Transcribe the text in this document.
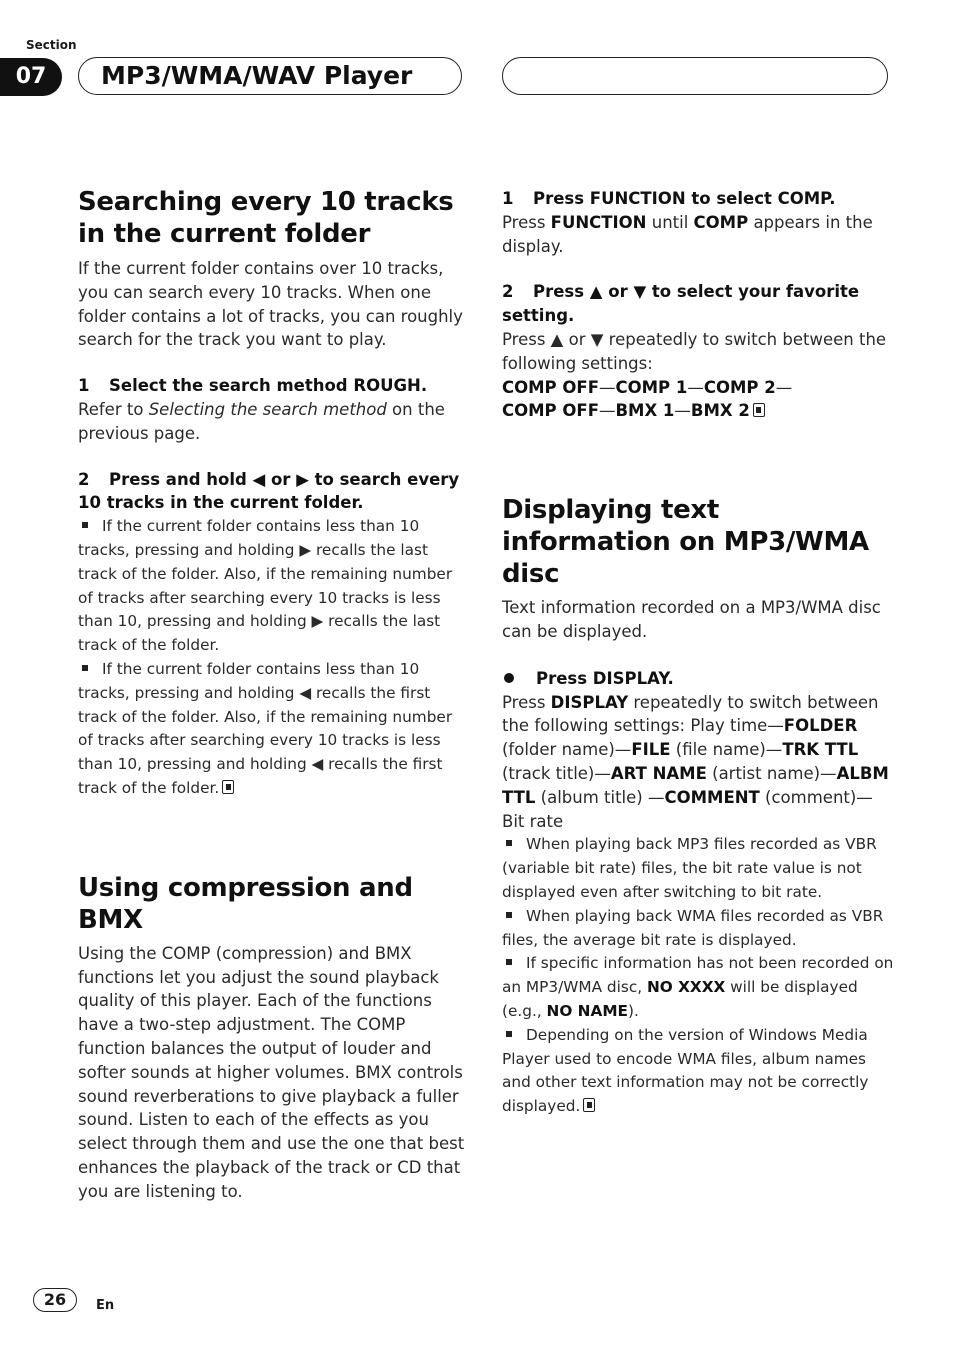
Section
07	MP3/WMA/WAV Player
Searching every 10 tracks in the current folder

If the current folder contains over 10 tracks, you can search every 10 tracks. When one folder contains a lot of tracks, you can roughly search for the track you want to play.

1 Select the search method ROUGH.

Refer to Selecting the search method on the previous page.

2 Press and hold ◀ or ▶ to search every 10 tracks in the current folder.

If the current folder contains less than 10 tracks, pressing and holding ▶ recalls the last track of the folder. Also, if the remaining number of tracks after searching every 10 tracks is less than 10, pressing and holding ▶ recalls the last track of the folder.

If the current folder contains less than 10 tracks, pressing and holding ◀ recalls the first track of the folder. Also, if the remaining number of tracks after searching every 10 tracks is less than 10, pressing and holding ◀ recalls the first track of the folder.

Using compression and BMX

Using the COMP (compression) and BMX functions let you adjust the sound playback quality of this player. Each of the functions have a two-step adjustment. The COMP function balances the output of louder and softer sounds at higher volumes. BMX controls sound reverberations to give playback a fuller sound. Listen to each of the effects as you select through them and use the one that best enhances the playback of the track or CD that you are listening to.

1 Press FUNCTION to select COMP.

Press FUNCTION until COMP appears in the display.

2 Press ▲ or ▼ to select your favorite setting.

Press ▲ or ▼ repeatedly to switch between the following settings:

COMP OFF—COMP 1—COMP 2—

COMP OFF—BMX 1—BMX 2

Displaying text information on MP3/WMA disc

Text information recorded on a MP3/WMA disc can be displayed.

Press DISPLAY.

Press DISPLAY repeatedly to switch between the following settings: Play time—FOLDER (folder name)—FILE (file name)—TRK TTL (track title)—ART NAME (artist name)—ALBM TTL (album title) —COMMENT (comment)—Bit rate

When playing back MP3 files recorded as VBR (variable bit rate) files, the bit rate value is not displayed even after switching to bit rate.

When playing back WMA files recorded as VBR files, the average bit rate is displayed.

If specific information has not been recorded on an MP3/WMA disc, NO XXXX will be displayed (e.g., NO NAME).

Depending on the version of Windows Media Player used to encode WMA files, album names and other text information may not be correctly displayed.

26	En
